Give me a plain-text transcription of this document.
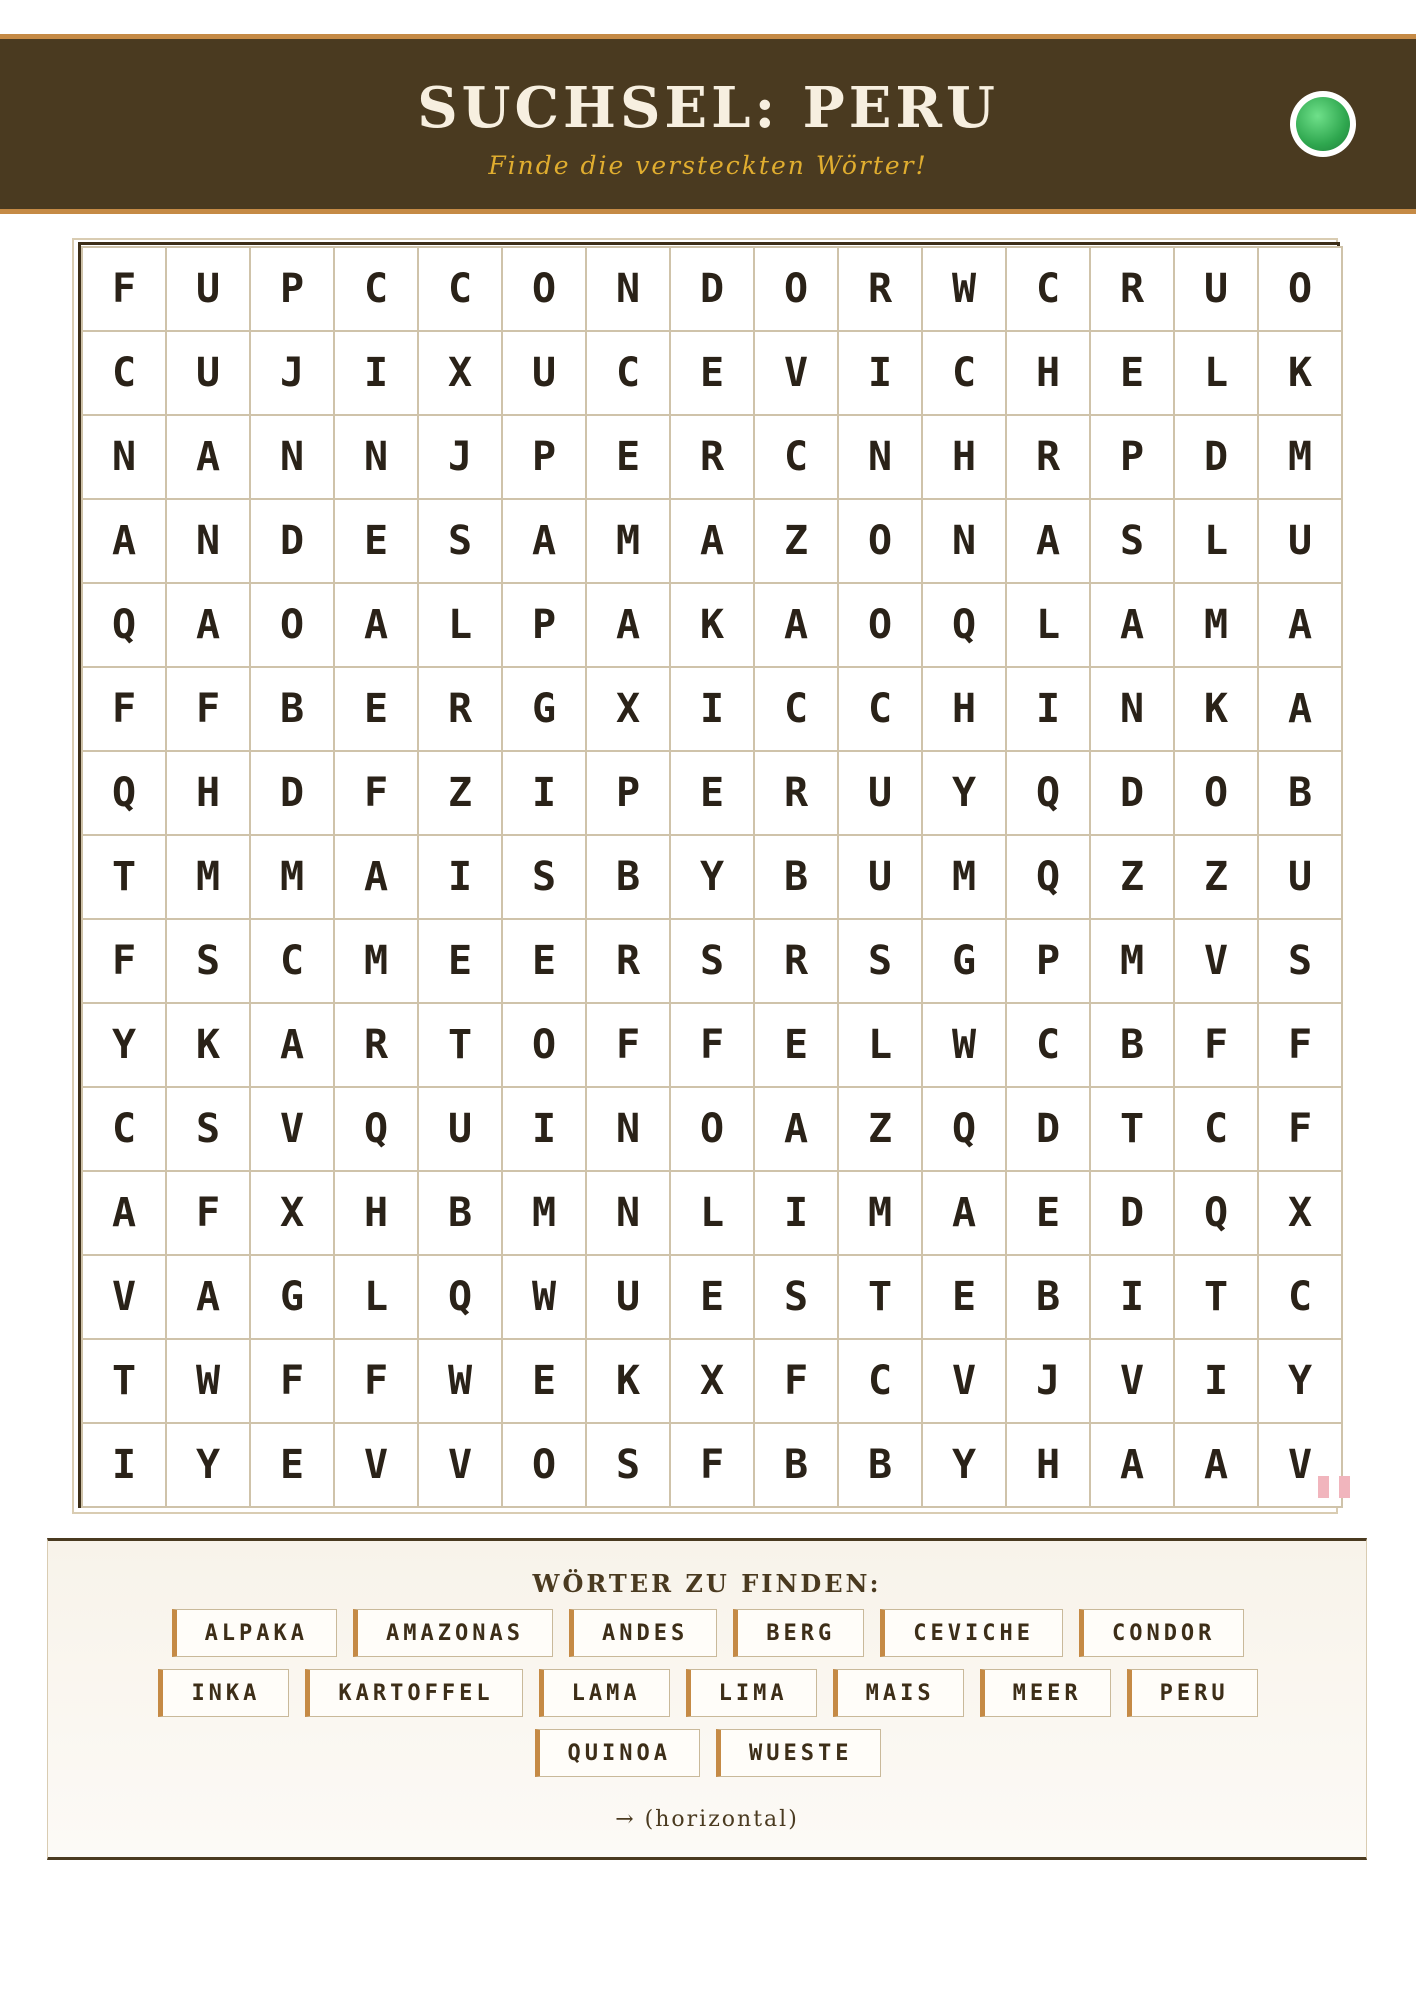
SUCHSEL: PERU
Finde die versteckten Wörter!
F	U	P	C	C	O	N	D	O	R	W	C	R	U	O
C	U	J	I	X	U	C	E	V	I	C	H	E	L	K
N	A	N	N	J	P	E	R	C	N	H	R	P	D	M
A	N	D	E	S	A	M	A	Z	O	N	A	S	L	U
Q	A	O	A	L	P	A	K	A	O	Q	L	A	M	A
F	F	B	E	R	G	X	I	C	C	H	I	N	K	A
Q	H	D	F	Z	I	P	E	R	U	Y	Q	D	O	B
T	M	M	A	I	S	B	Y	B	U	M	Q	Z	Z	U
F	S	C	M	E	E	R	S	R	S	G	P	M	V	S
Y	K	A	R	T	O	F	F	E	L	W	C	B	F	F
C	S	V	Q	U	I	N	O	A	Z	Q	D	T	C	F
A	F	X	H	B	M	N	L	I	M	A	E	D	Q	X
V	A	G	L	Q	W	U	E	S	T	E	B	I	T	C
T	W	F	F	W	E	K	X	F	C	V	J	V	I	Y
I	Y	E	V	V	O	S	F	B	B	Y	H	A	A	V
WÖRTER ZU FINDEN:
ALPAKA	AMAZONAS	ANDES	BERG	CEVICHE	CONDOR
INKA	KARTOFFEL	LAMA	LIMA	MAIS	MEER	PERU
QUINOA	WUESTE
→ (horizontal)
